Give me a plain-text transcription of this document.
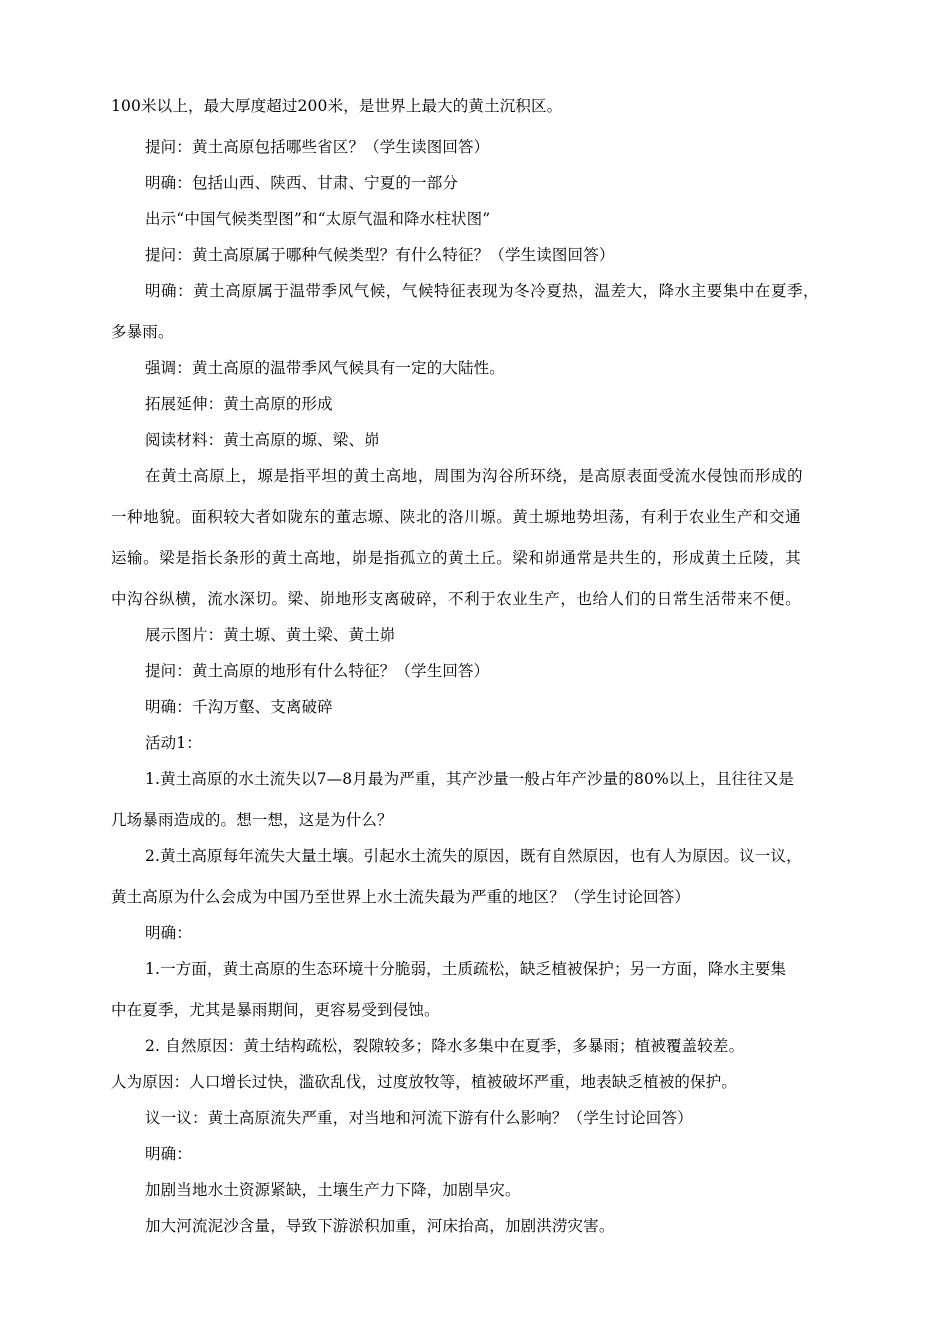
100米以上，最大厚度超过200米，是世界上最大的黄土沉积区。
提问：黄土高原包括哪些省区？（学生读图回答）
明确：包括山西、陕西、甘肃、宁夏的一部分
出示“中国气候类型图”和“太原气温和降水柱状图”
提问：黄土高原属于哪种气候类型？有什么特征？（学生读图回答）
明确：黄土高原属于温带季风气候，气候特征表现为冬冷夏热，温差大，降水主要集中在夏季，
多暴雨。
强调：黄土高原的温带季风气候具有一定的大陆性。
拓展延伸：黄土高原的形成
阅读材料：黄土高原的塬、梁、峁
在黄土高原上，塬是指平坦的黄土高地，周围为沟谷所环绕，是高原表面受流水侵蚀而形成的
一种地貌。面积较大者如陇东的董志塬、陕北的洛川塬。黄土塬地势坦荡，有利于农业生产和交通
运输。梁是指长条形的黄土高地，峁是指孤立的黄土丘。梁和峁通常是共生的，形成黄土丘陵，其
中沟谷纵横，流水深切。梁、峁地形支离破碎，不利于农业生产，也给人们的日常生活带来不便。
展示图片：黄土塬、黄土梁、黄土峁
提问：黄土高原的地形有什么特征？（学生回答）
明确：千沟万壑、支离破碎
活动1：
1.黄土高原的水土流失以7—8月最为严重，其产沙量一般占年产沙量的80%以上，且往往又是
几场暴雨造成的。想一想，这是为什么？
2.黄土高原每年流失大量土壤。引起水土流失的原因，既有自然原因，也有人为原因。议一议，
黄土高原为什么会成为中国乃至世界上水土流失最为严重的地区？（学生讨论回答）
明确：
1.一方面，黄土高原的生态环境十分脆弱，土质疏松，缺乏植被保护；另一方面，降水主要集
中在夏季，尤其是暴雨期间，更容易受到侵蚀。
2. 自然原因：黄土结构疏松，裂隙较多；降水多集中在夏季，多暴雨；植被覆盖较差。
人为原因：人口增长过快，滥砍乱伐，过度放牧等，植被破坏严重，地表缺乏植被的保护。
议一议：黄土高原流失严重，对当地和河流下游有什么影响？（学生讨论回答）
明确：
加剧当地水土资源紧缺，土壤生产力下降，加剧旱灾。
加大河流泥沙含量，导致下游淤积加重，河床抬高，加剧洪涝灾害。
